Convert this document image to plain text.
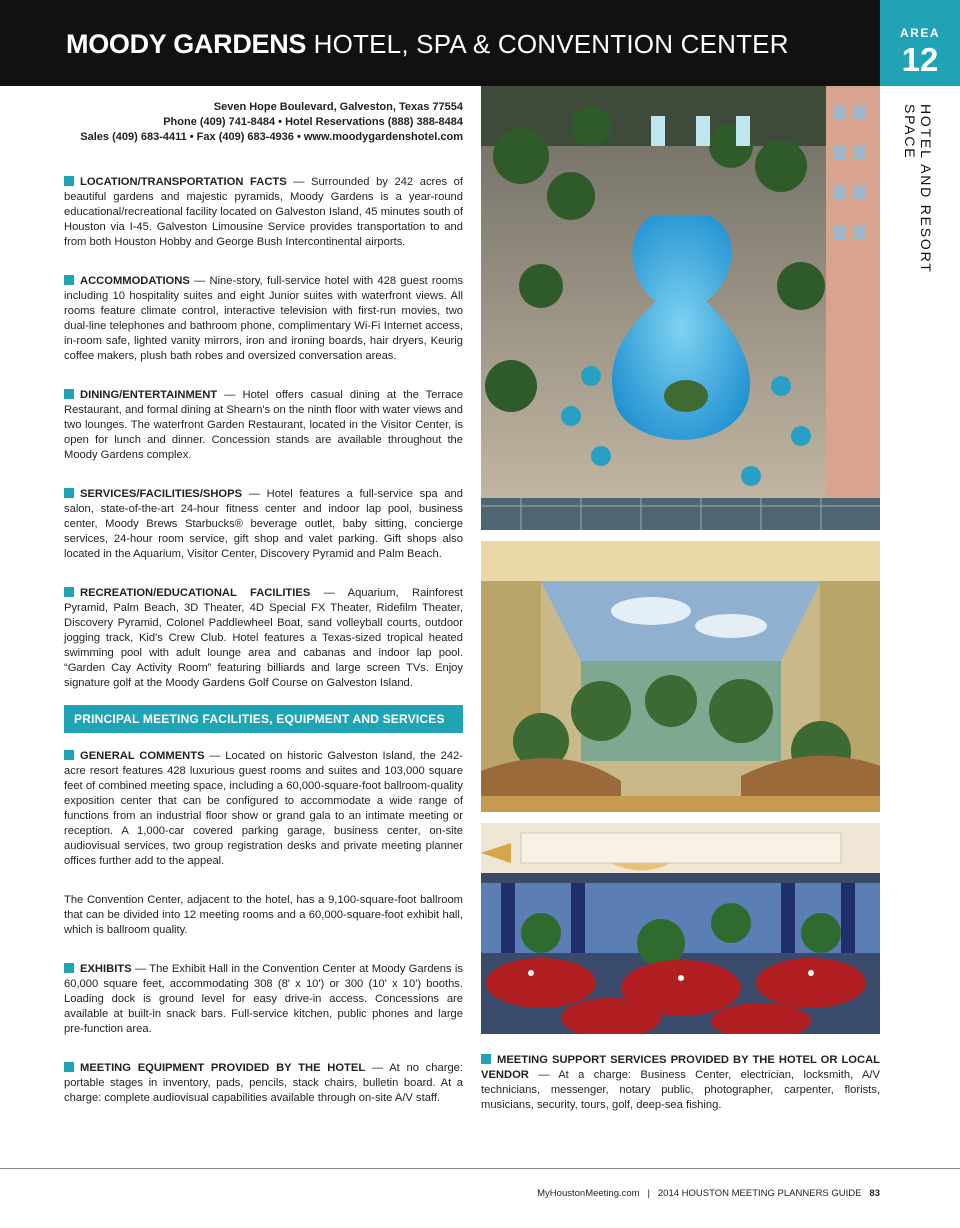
MOODY GARDENS HOTEL, SPA & CONVENTION CENTER	AREA
12
HOTEL AND RESORT SPACE
Seven Hope Boulevard, Galveston, Texas 77554
Phone (409) 741-8484 • Hotel Reservations (888) 388-8484
Sales (409) 683-4411 • Fax (409) 683-4936 • www.moodygardenshotel.com

LOCATION/TRANSPORTATION FACTS — Surrounded by 242 acres of beautiful gardens and majestic pyramids, Moody Gardens is a year-round educational/recreational facility located on Galveston Island, 45 minutes south of Houston via I-45. Galveston Limousine Service provides transportation to and from both Houston Hobby and George Bush Intercontinental airports.

ACCOMMODATIONS — Nine-story, full-service hotel with 428 guest rooms including 10 hospitality suites and eight Junior suites with waterfront views. All rooms feature climate control, interactive television with first-run movies, two dual-line telephones and bathroom phone, complimentary Wi-Fi Internet access, in-room safe, lighted vanity mirrors, iron and ironing boards, hair dryers, Keurig coffee makers, plush bath robes and oversized conversation areas.

DINING/ENTERTAINMENT — Hotel offers casual dining at the Terrace Restaurant, and formal dining at Shearn's on the ninth floor with water views and two lounges. The waterfront Garden Restaurant, located in the Visitor Center, is open for lunch and dinner. Concession stands are available throughout the Moody Gardens complex.

SERVICES/FACILITIES/SHOPS — Hotel features a full-service spa and salon, state-of-the-art 24-hour fitness center and indoor lap pool, business center, Moody Brews Starbucks® beverage outlet, baby sitting, concierge services, 24-hour room service, gift shop and valet parking. Gift shops also located in the Aquarium, Visitor Center, Discovery Pyramid and Palm Beach.

RECREATION/EDUCATIONAL FACILITIES — Aquarium, Rainforest Pyramid, Palm Beach, 3D Theater, 4D Special FX Theater, Ridefilm Theater, Discovery Pyramid, Colonel Paddlewheel Boat, sand volleyball courts, outdoor jogging track, Kid's Crew Club. Hotel features a Texas-sized tropical heated swimming pool with adult lounge area and cabanas and indoor lap pool. “Garden Cay Activity Room” featuring billiards and large screen TVs. Enjoy signature golf at the Moody Gardens Golf Course on Galveston Island.

PRINCIPAL MEETING FACILITIES, EQUIPMENT AND SERVICES

GENERAL COMMENTS — Located on historic Galveston Island, the 242-acre resort features 428 luxurious guest rooms and suites and 103,000 square feet of combined meeting space, including a 60,000-square-foot ballroom-quality exposition center that can be configured to accommodate a wide range of functions from an industrial floor show or grand gala to an intimate meeting or reception. A 1,000-car covered parking garage, business center, on-site audiovisual services, two group registration desks and private meeting planner offices further add to the appeal.

The Convention Center, adjacent to the hotel, has a 9,100-square-foot ballroom that can be divided into 12 meeting rooms and a 60,000-square-foot exhibit hall, which is ballroom quality.

EXHIBITS — The Exhibit Hall in the Convention Center at Moody Gardens is 60,000 square feet, accommodating 308 (8' x 10') or 300 (10' x 10') booths. Loading dock is ground level for easy drive-in access. Concessions are available at built-in snack bars. Full-service kitchen, public phones and large pre-function area.

MEETING EQUIPMENT PROVIDED BY THE HOTEL — At no charge: portable stages in inventory, pads, pencils, stack chairs, bulletin board. At a charge: complete audiovisual capabilities available through on-site A/V staff.

MEETING SUPPORT SERVICES PROVIDED BY THE HOTEL OR LOCAL VENDOR — At a charge: Business Center, electrician, locksmith, A/V technicians, messenger, notary public, photographer, carpenter, florists, musicians, security, tours, golf, deep-sea fishing.

MyHoustonMeeting.com | 2014 HOUSTON MEETING PLANNERS GUIDE 83
